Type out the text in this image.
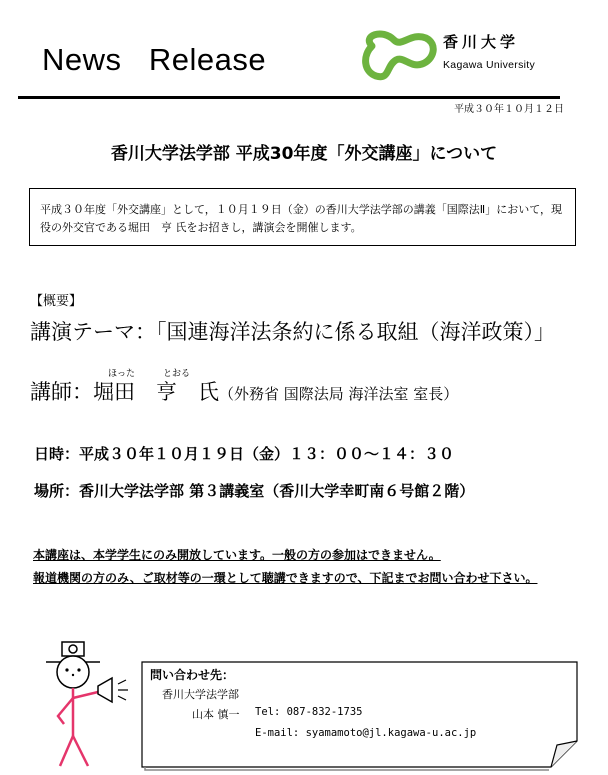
News   Release	香川大学
Kagawa University
平成３０年１０月１２日
香川大学法学部 平成30年度「外交講座」について
平成３０年度「外交講座」として，１０月１９日（金）の香川大学法学部の講義「国際法Ⅱ」において，現役の外交官である堀田　亨 氏をお招きし，講演会を開催します。
【概要】
講演テーマ：「国連海洋法条約に係る取組（海洋政策）」
ほった	とおる
講師：堀田　亨　氏（外務省 国際法局 海洋法室 室長）
日時：平成３０年１０月１９日（金）１３：００～１４：３０
場所：香川大学法学部 第３講義室（香川大学幸町南６号館２階）
本講座は、本学学生にのみ開放しています。一般の方の参加はできません。
報道機関の方のみ、ご取材等の一環として聴講できますので、下記までお問い合わせ下さい。
問い合わせ先：
香川大学法学部
山本 慎一 Tel: 087-832-1735
E-mail: syamamoto@jl.kagawa-u.ac.jp
